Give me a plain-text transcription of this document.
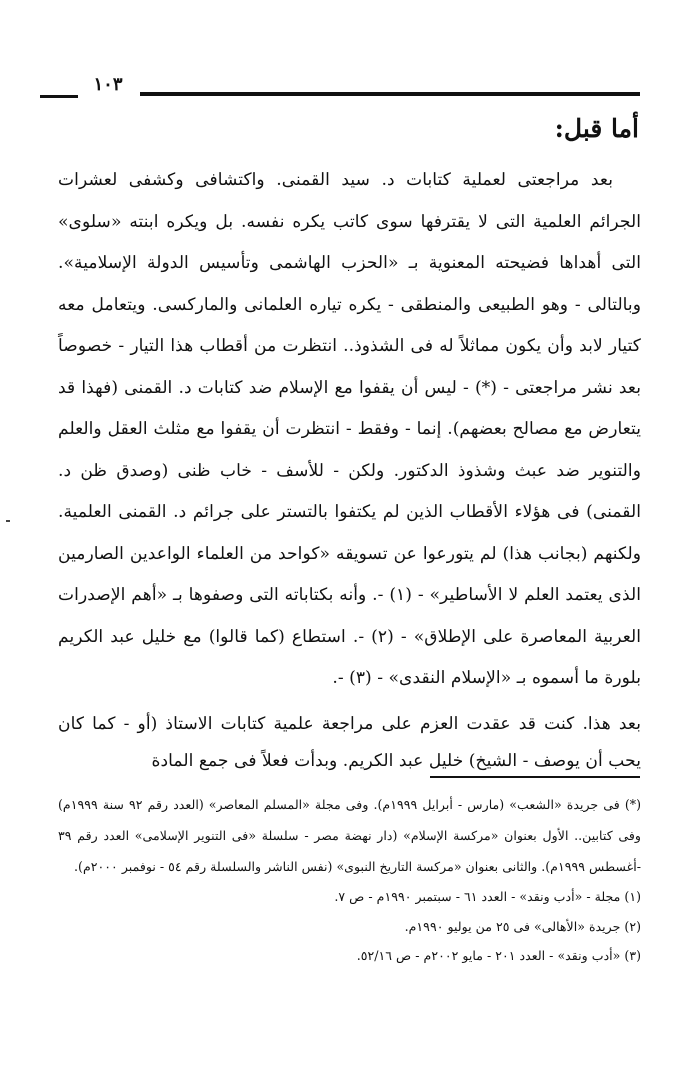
١٠٣
أما قبل:

بعد مراجعتى لعملية كتابات د. سيد القمنى. واكتشافى وكشفى لعشرات الجرائم العلمية التى لا يقترفها سوى كاتب يكره نفسه. بل ويكره ابنته «سلوى» التى أهداها فضيحته المعنوية بـ «الحزب الهاشمى وتأسيس الدولة الإسلامية». وبالتالى - وهو الطبيعى والمنطقى - يكره تياره العلمانى والماركسى. ويتعامل معه كتيار لابد وأن يكون مماثلاً له فى الشذوذ.. انتظرت من أقطاب هذا التيار - خصوصاً بعد نشر مراجعتى - (*) - ليس أن يقفوا مع الإسلام ضد كتابات د. القمنى (فهذا قد يتعارض مع مصالح بعضهم). إنما - وفقط - انتظرت أن يقفوا مع مثلث العقل والعلم والتنوير ضد عبث وشذوذ الدكتور. ولكن - للأسف - خاب ظنى (وصدق ظن د. القمنى) فى هؤلاء الأقطاب الذين لم يكتفوا بالتستر على جرائم د. القمنى العلمية. ولكنهم (بجانب هذا) لم يتورعوا عن تسويقه «كواحد من العلماء الواعدين الصارمين الذى يعتمد العلم لا الأساطير» - (١) -. وأنه بكتاباته التى وصفوها بـ «أهم الإصدرات العربية المعاصرة على الإطلاق» - (٢) -. استطاع (كما قالوا) مع خليل عبد الكريم بلورة ما أسموه بـ «الإسلام النقدى» - (٣) -.

بعد هذا. كنت قد عقدت العزم على مراجعة علمية كتابات الاستاذ (أو - كما كان يحب أن يوصف - الشيخ) خليل عبد الكريم. وبدأت فعلاً فى جمع المادة

(*) فى جريدة «الشعب» (مارس - أبرايل ١٩٩٩م). وفى مجلة «المسلم المعاصر» (العدد رقم ٩٢ سنة ١٩٩٩م) وفى كتابين.. الأول بعنوان «مركسة الإسلام» (دار نهضة مصر - سلسلة «فى التنوير الإسلامى» العدد رقم ٣٩ -أغسطس ١٩٩٩م). والثانى بعنوان «مركسة التاريخ النبوى» (نفس الناشر والسلسلة رقم ٥٤ - نوفمبر ٢٠٠٠م).

(١) مجلة - «أدب ونقد» - العدد ٦١ - سبتمبر ١٩٩٠م - ص ٧.

(٢) جريدة «الأهالى» فى ٢٥ من يوليو ١٩٩٠م.

(٣) «أدب ونقد» - العدد ٢٠١ - مايو ٢٠٠٢م - ص ٥٢/١٦.
